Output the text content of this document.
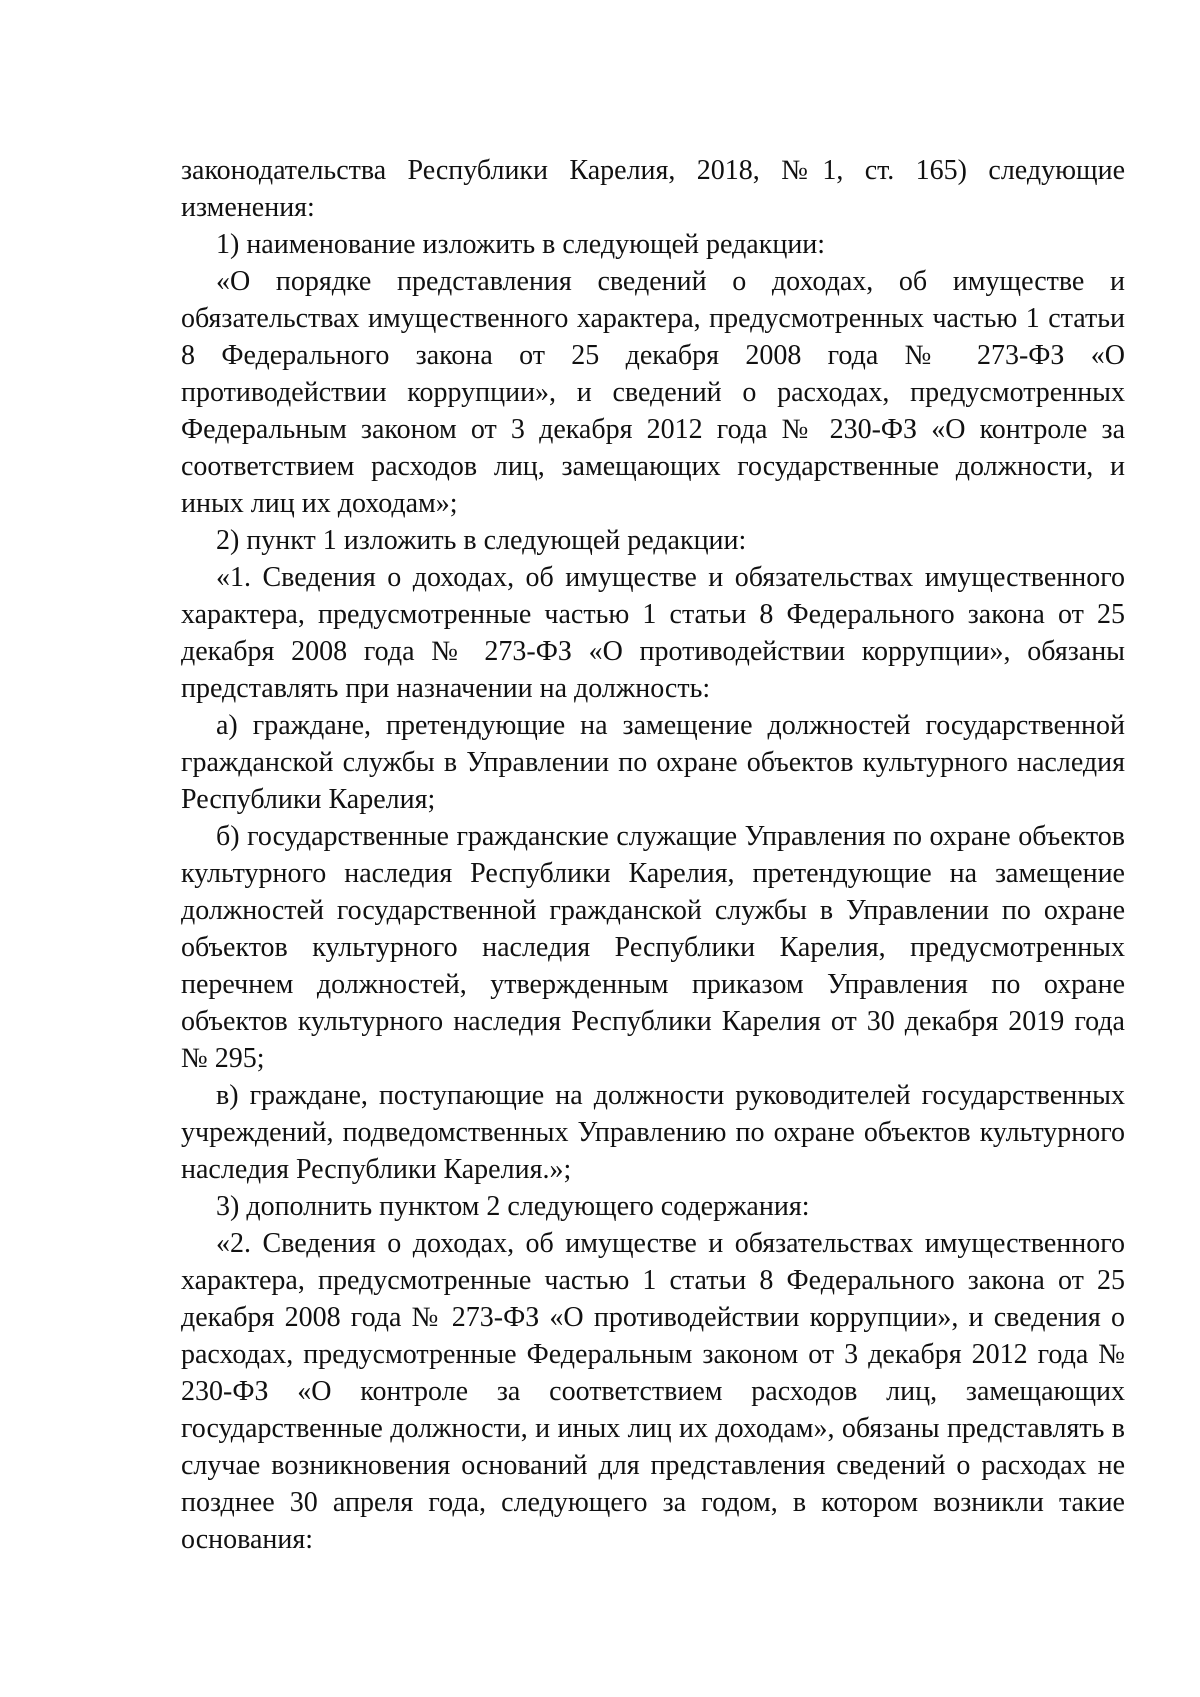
законодательства Республики Карелия, 2018, №1, ст. 165) следующие изменения:

1) наименование изложить в следующей редакции:

«О порядке представления сведений о доходах, об имуществе и обязательствах имущественного характера, предусмотренных частью 1 статьи 8 Федерального закона от 25 декабря 2008 года № 273-ФЗ «О противодействии коррупции», и сведений о расходах, предусмотренных Федеральным законом от 3 декабря 2012 года № 230-ФЗ «О контроле за соответствием расходов лиц, замещающих государственные должности, и иных лиц их доходам»;

2) пункт 1 изложить в следующей редакции:

«1. Сведения о доходах, об имуществе и обязательствах имущественного характера, предусмотренные частью 1 статьи 8 Федерального закона от 25 декабря 2008 года № 273-ФЗ «О противодействии коррупции», обязаны представлять при назначении на должность:

а) граждане, претендующие на замещение должностей государственной гражданской службы в Управлении по охране объектов культурного наследия Республики Карелия;

б) государственные гражданские служащие Управления по охране объектов культурного наследия Республики Карелия, претендующие на замещение должностей государственной гражданской службы в Управлении по охране объектов культурного наследия Республики Карелия, предусмотренных перечнем должностей, утвержденным приказом Управления по охране объектов культурного наследия Республики Карелия от 30 декабря 2019 года № 295;

в) граждане, поступающие на должности руководителей государственных учреждений, подведомственных Управлению по охране объектов культурного наследия Республики Карелия.»;

3) дополнить пунктом 2 следующего содержания:

«2. Сведения о доходах, об имуществе и обязательствах имущественного характера, предусмотренные частью 1 статьи 8 Федерального закона от 25 декабря 2008 года № 273-ФЗ «О противодействии коррупции», и сведения о расходах, предусмотренные Федеральным законом от 3 декабря 2012 года № 230-ФЗ «О контроле за соответствием расходов лиц, замещающих государственные должности, и иных лиц их доходам», обязаны представлять в случае возникновения оснований для представления сведений о расходах не позднее 30 апреля года, следующего за годом, в котором возникли такие основания:
